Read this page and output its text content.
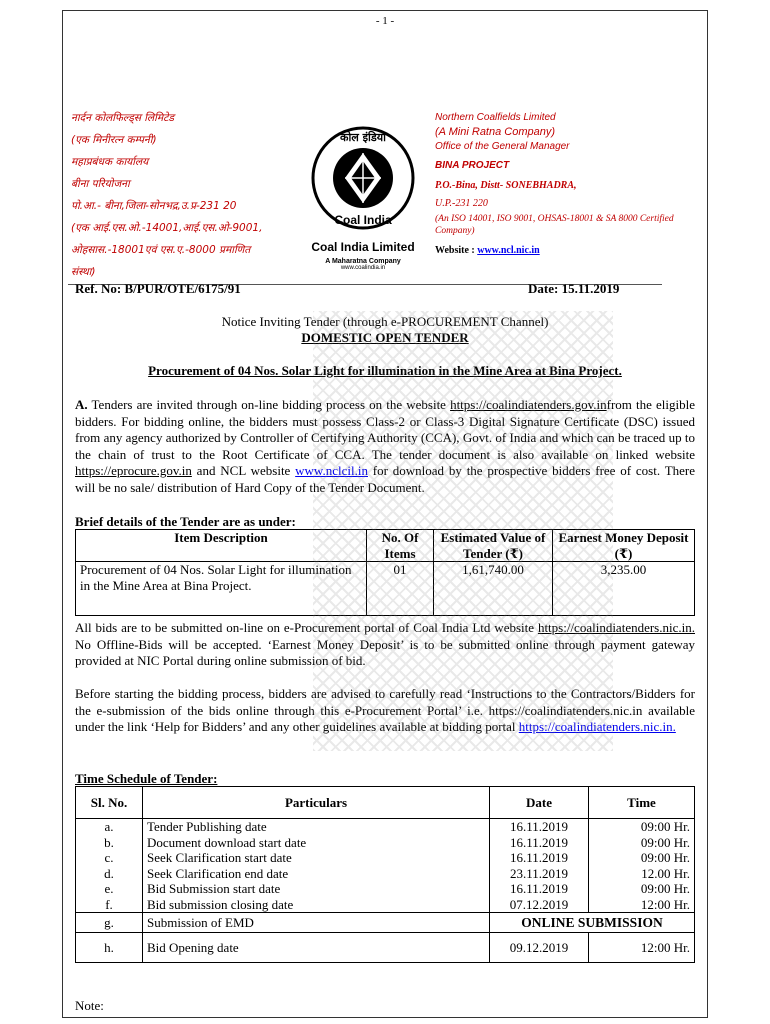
- 1 -
नार्दन कोलफिल्ड्स लिमिटेड
(एक मिनीरत्न कम्पनी)
महाप्रबंधक कार्यालय
बीना परियोजना
पो.आ.- बीना,जिला-सोनभद्र,उ.प्र-231 20
(एक आई.एस.ओ.-14001,आई.एस.ओ-9001,
ओहसास.-18001एवं एस.ए.-8000 प्रमाणित
संस्था)
कोल इंडिया
Coal India
Coal India Limited
A Maharatna Company
www.coalindia.in
Northern Coalfields Limited
(A Mini Ratna Company)
Office of the General Manager
BINA PROJECT
P.O.-Bina, Distt- SONEBHADRA,
U.P.-231 220
(An ISO 14001, ISO 9001, OHSAS-18001 & SA 8000 Certified Company)
Website : www.ncl.nic.in
Ref. No: B/PUR/OTE/6175/91	Date: 15.11.2019
Notice Inviting Tender (through e-PROCUREMENT Channel)
DOMESTIC OPEN TENDER
Procurement of 04 Nos. Solar Light for illumination in the Mine Area at Bina Project.
A. Tenders are invited through on-line bidding process on the website https://coalindiatenders.gov.infrom the eligible bidders. For bidding online, the bidders must possess Class-2 or Class-3 Digital Signature Certificate (DSC) issued from any agency authorized by Controller of Certifying Authority (CCA), Govt. of India and which can be traced up to the chain of trust to the Root Certificate of CCA. The tender document is also available on linked website https://eprocure.gov.in and NCL website www.nclcil.in for download by the prospective bidders free of cost. There will be no sale/ distribution of Hard Copy of the Tender Document.
Brief details of the Tender are as under:
Item Description	No. Of Items	Estimated Value of Tender (₹)	Earnest Money Deposit (₹)
Procurement of 04 Nos. Solar Light for illumination in the Mine Area at Bina Project.	01	1,61,740.00	3,235.00
All bids are to be submitted on-line on e-Procurement portal of Coal India Ltd website https://coalindiatenders.nic.in. No Offline-Bids will be accepted. ‘Earnest Money Deposit’ is to be submitted online through payment gateway provided at NIC Portal during online submission of bid.
Before starting the bidding process, bidders are advised to carefully read ‘Instructions to the Contractors/Bidders for the e-submission of the bids online through this e-Procurement Portal’ i.e. https://coalindiatenders.nic.in available under the link ‘Help for Bidders’ and any other guidelines available at bidding portal https://coalindiatenders.nic.in.
Time Schedule of Tender:
Sl. No.	Particulars	Date	Time
a.	Tender Publishing date	16.11.2019	09:00 Hr.
b.	Document download start date	16.11.2019	09:00 Hr.
c.	Seek Clarification start date	16.11.2019	09:00 Hr.
d.	Seek Clarification end date	23.11.2019	12.00 Hr.
e.	Bid Submission start date	16.11.2019	09:00 Hr.
f.	Bid submission closing date	07.12.2019	12:00 Hr.
g.	Submission of EMD	ONLINE SUBMISSION	
h.	Bid Opening date	09.12.2019	12:00 Hr.
Note:
